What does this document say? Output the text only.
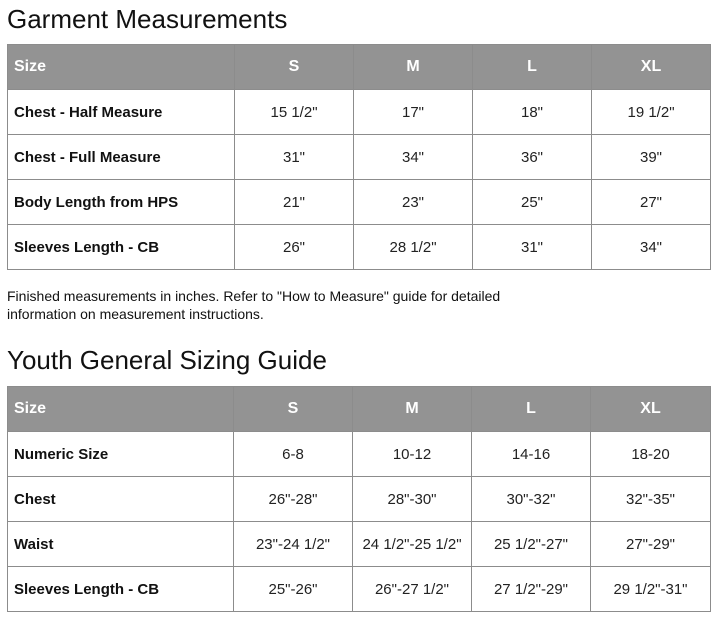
Garment Measurements
Size	S	M	L	XL
Chest - Half Measure	15 1/2"	17"	18"	19 1/2"
Chest - Full Measure	31"	34"	36"	39"
Body Length from HPS	21"	23"	25"	27"
Sleeves Length - CB	26"	28 1/2"	31"	34"

Finished measurements in inches. Refer to "How to Measure" guide for detailed information on measurement instructions.

Youth General Sizing Guide
Size	S	M	L	XL
Numeric Size	6-8	10-12	14-16	18-20
Chest	26"-28"	28"-30"	30"-32"	32"-35"
Waist	23"-24 1/2"	24 1/2"-25 1/2"	25 1/2"-27"	27"-29"
Sleeves Length - CB	25"-26"	26"-27 1/2"	27 1/2"-29"	29 1/2"-31"
